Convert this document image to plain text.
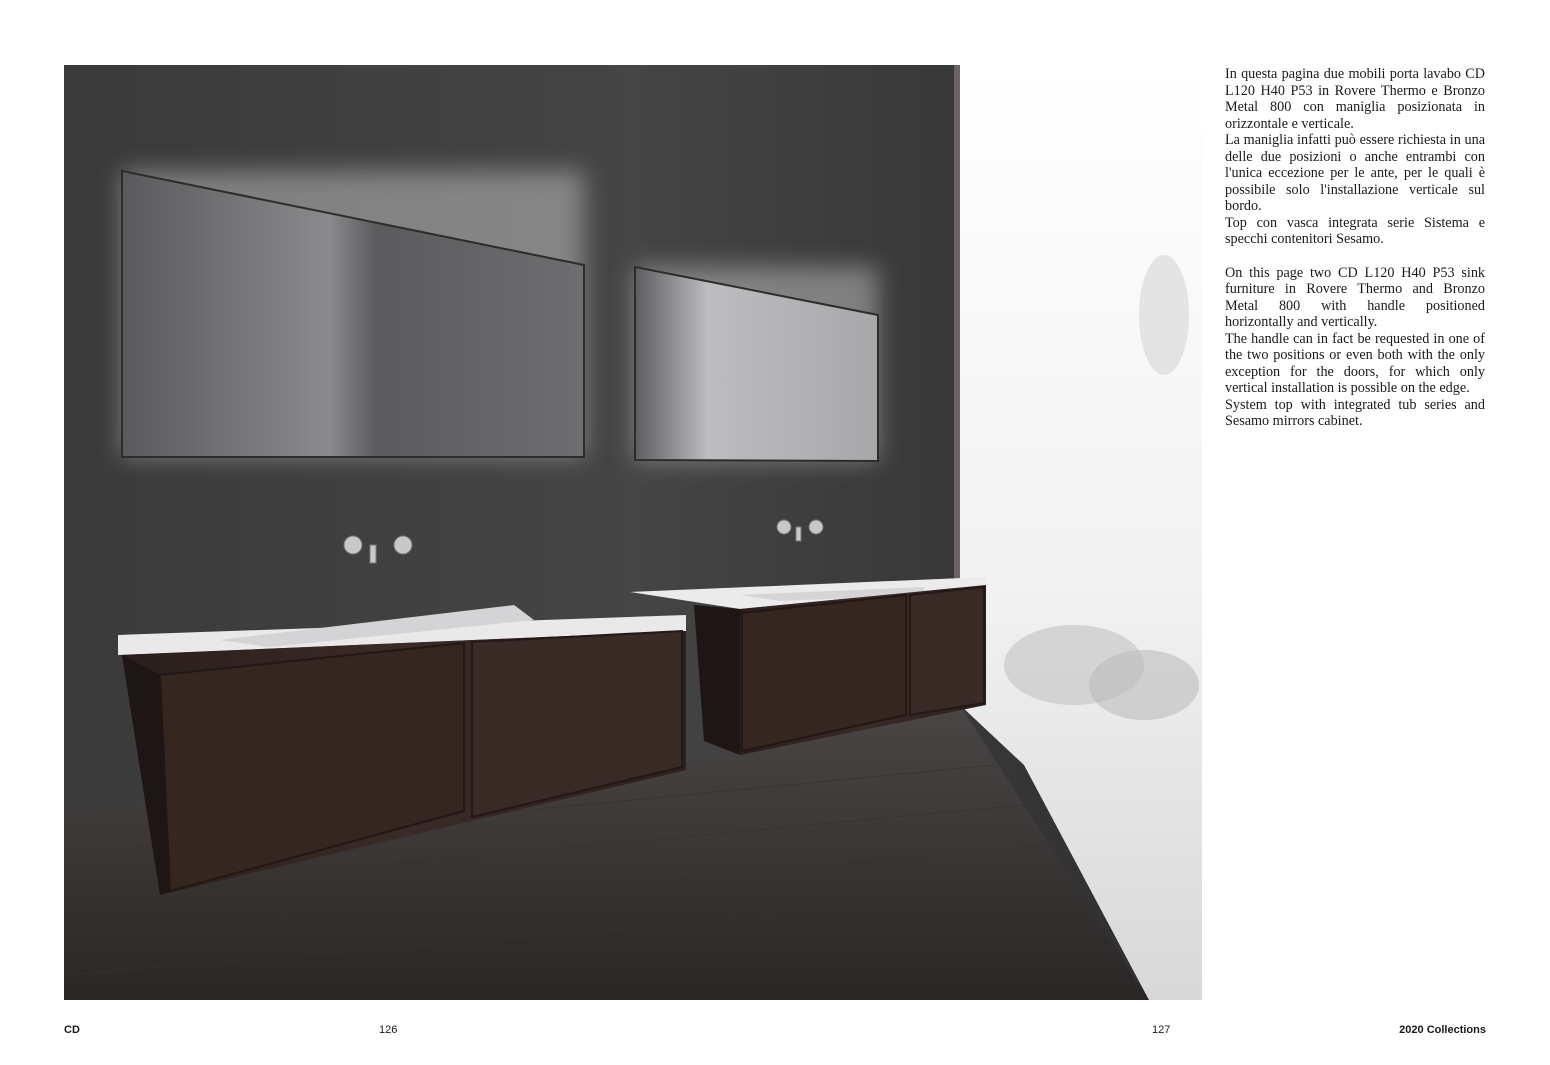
In questa pagina due mobili porta lavabo CD L120 H40 P53 in Rovere Thermo e Bronzo Metal 800 con maniglia posizionata in orizzontale e verticale.

La maniglia infatti può essere richiesta in una delle due posizioni o anche entrambi con l'unica eccezione per le ante, per le quali è possibile solo l'installazione verticale sul bordo.

Top con vasca integrata serie Sistema e specchi contenitori Sesamo.

On this page two CD L120 H40 P53 sink furniture in Rovere Thermo and Bronzo Metal 800 with handle positioned horizontally and vertically.

The handle can in fact be requested in one of the two positions or even both with the only exception for the doors, for which only vertical installation is possible on the edge.

System top with integrated tub series and Sesamo mirrors cabinet.

CD	126	127	2020 Collections
